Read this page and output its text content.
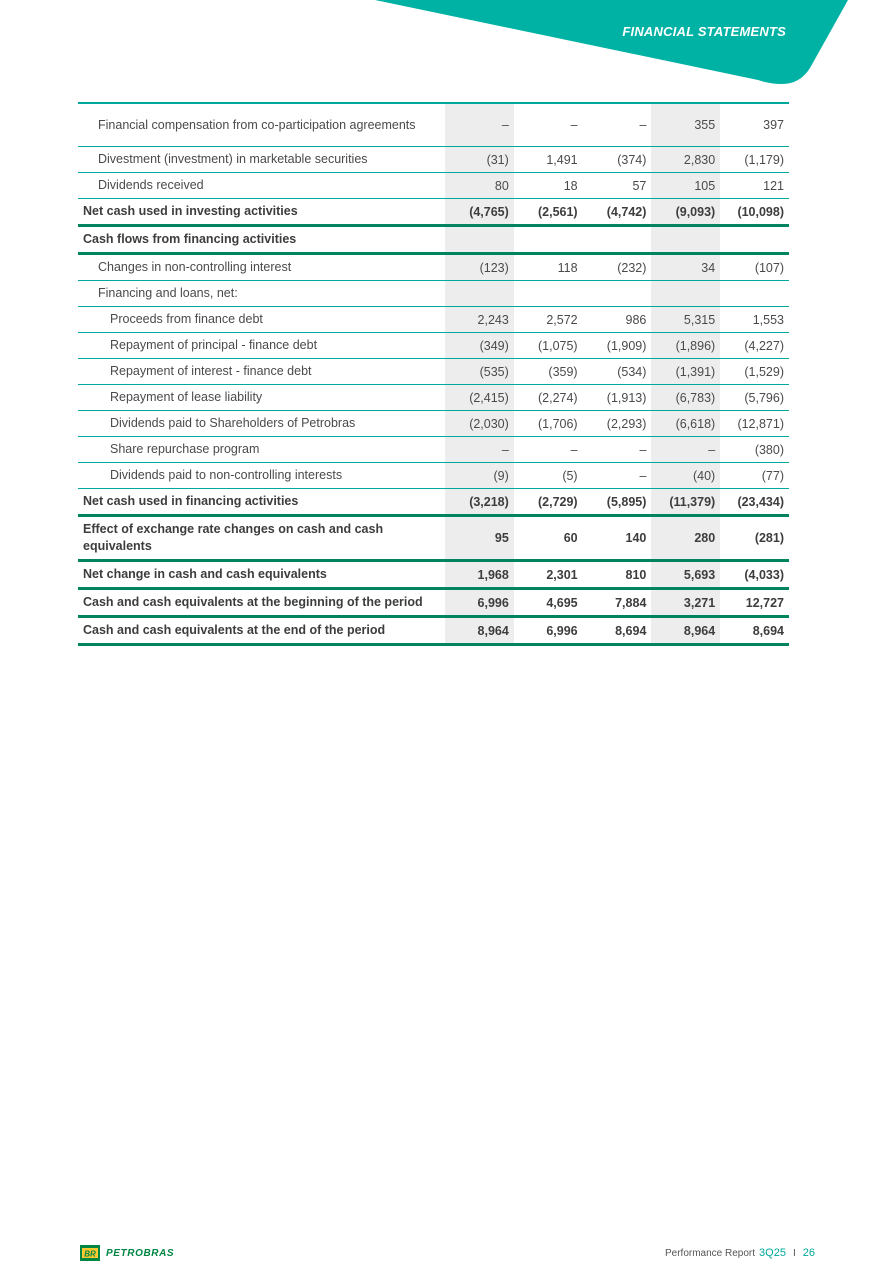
FINANCIAL STATEMENTS
Financial compensation from co-participation agreements	–	–	–	355	397
Divestment (investment) in marketable securities	(31)	1,491	(374)	2,830	(1,179)
Dividends received	80	18	57	105	121
Net cash used in investing activities	(4,765)	(2,561)	(4,742)	(9,093)	(10,098)
Cash flows from financing activities					
Changes in non-controlling interest	(123)	118	(232)	34	(107)
Financing and loans, net:					
Proceeds from finance debt	2,243	2,572	986	5,315	1,553
Repayment of principal - finance debt	(349)	(1,075)	(1,909)	(1,896)	(4,227)
Repayment of interest - finance debt	(535)	(359)	(534)	(1,391)	(1,529)
Repayment of lease liability	(2,415)	(2,274)	(1,913)	(6,783)	(5,796)
Dividends paid to Shareholders of Petrobras	(2,030)	(1,706)	(2,293)	(6,618)	(12,871)
Share repurchase program	–	–	–	–	(380)
Dividends paid to non-controlling interests	(9)	(5)	–	(40)	(77)
Net cash used in financing activities	(3,218)	(2,729)	(5,895)	(11,379)	(23,434)
Effect of exchange rate changes on cash and cash equivalents	95	60	140	280	(281)
Net change in cash and cash equivalents	1,968	2,301	810	5,693	(4,033)
Cash and cash equivalents at the beginning of the period	6,996	4,695	7,884	3,271	12,727
Cash and cash equivalents at the end of the period	8,964	6,996	8,694	8,964	8,694
BR PETROBRAS	Performance Report 3Q25 I 26
